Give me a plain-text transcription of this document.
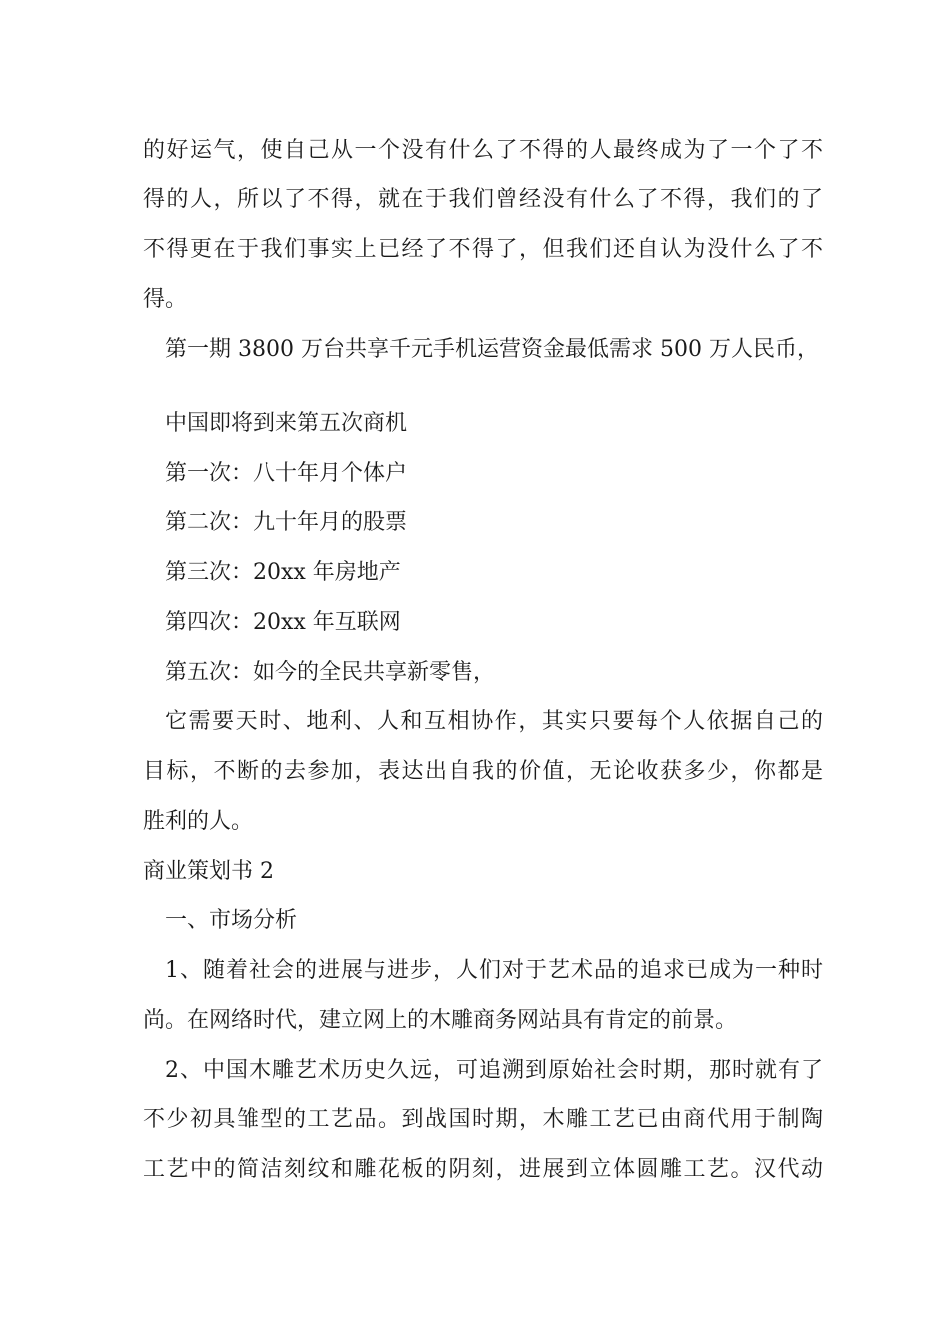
的好运气，使自己从一个没有什么了不得的人最终成为了一个了不
得的人，所以了不得，就在于我们曾经没有什么了不得，我们的了
不得更在于我们事实上已经了不得了，但我们还自认为没什么了不
得。
第一期 3800 万台共享千元手机运营资金最低需求 500 万人民币，
中国即将到来第五次商机
第一次：八十年月个体户
第二次：九十年月的股票
第三次：20xx 年房地产
第四次：20xx 年互联网
第五次：如今的全民共享新零售，
它需要天时、地利、人和互相协作，其实只要每个人依据自己的
目标，不断的去参加，表达出自我的价值，无论收获多少，你都是
胜利的人。
商业策划书 2
一、市场分析
1、随着社会的进展与进步，人们对于艺术品的追求已成为一种时
尚。在网络时代，建立网上的木雕商务网站具有肯定的前景。
2、中国木雕艺术历史久远，可追溯到原始社会时期，那时就有了
不少初具雏型的工艺品。到战国时期，木雕工艺已由商代用于制陶
工艺中的简洁刻纹和雕花板的阴刻，进展到立体圆雕工艺。汉代动
